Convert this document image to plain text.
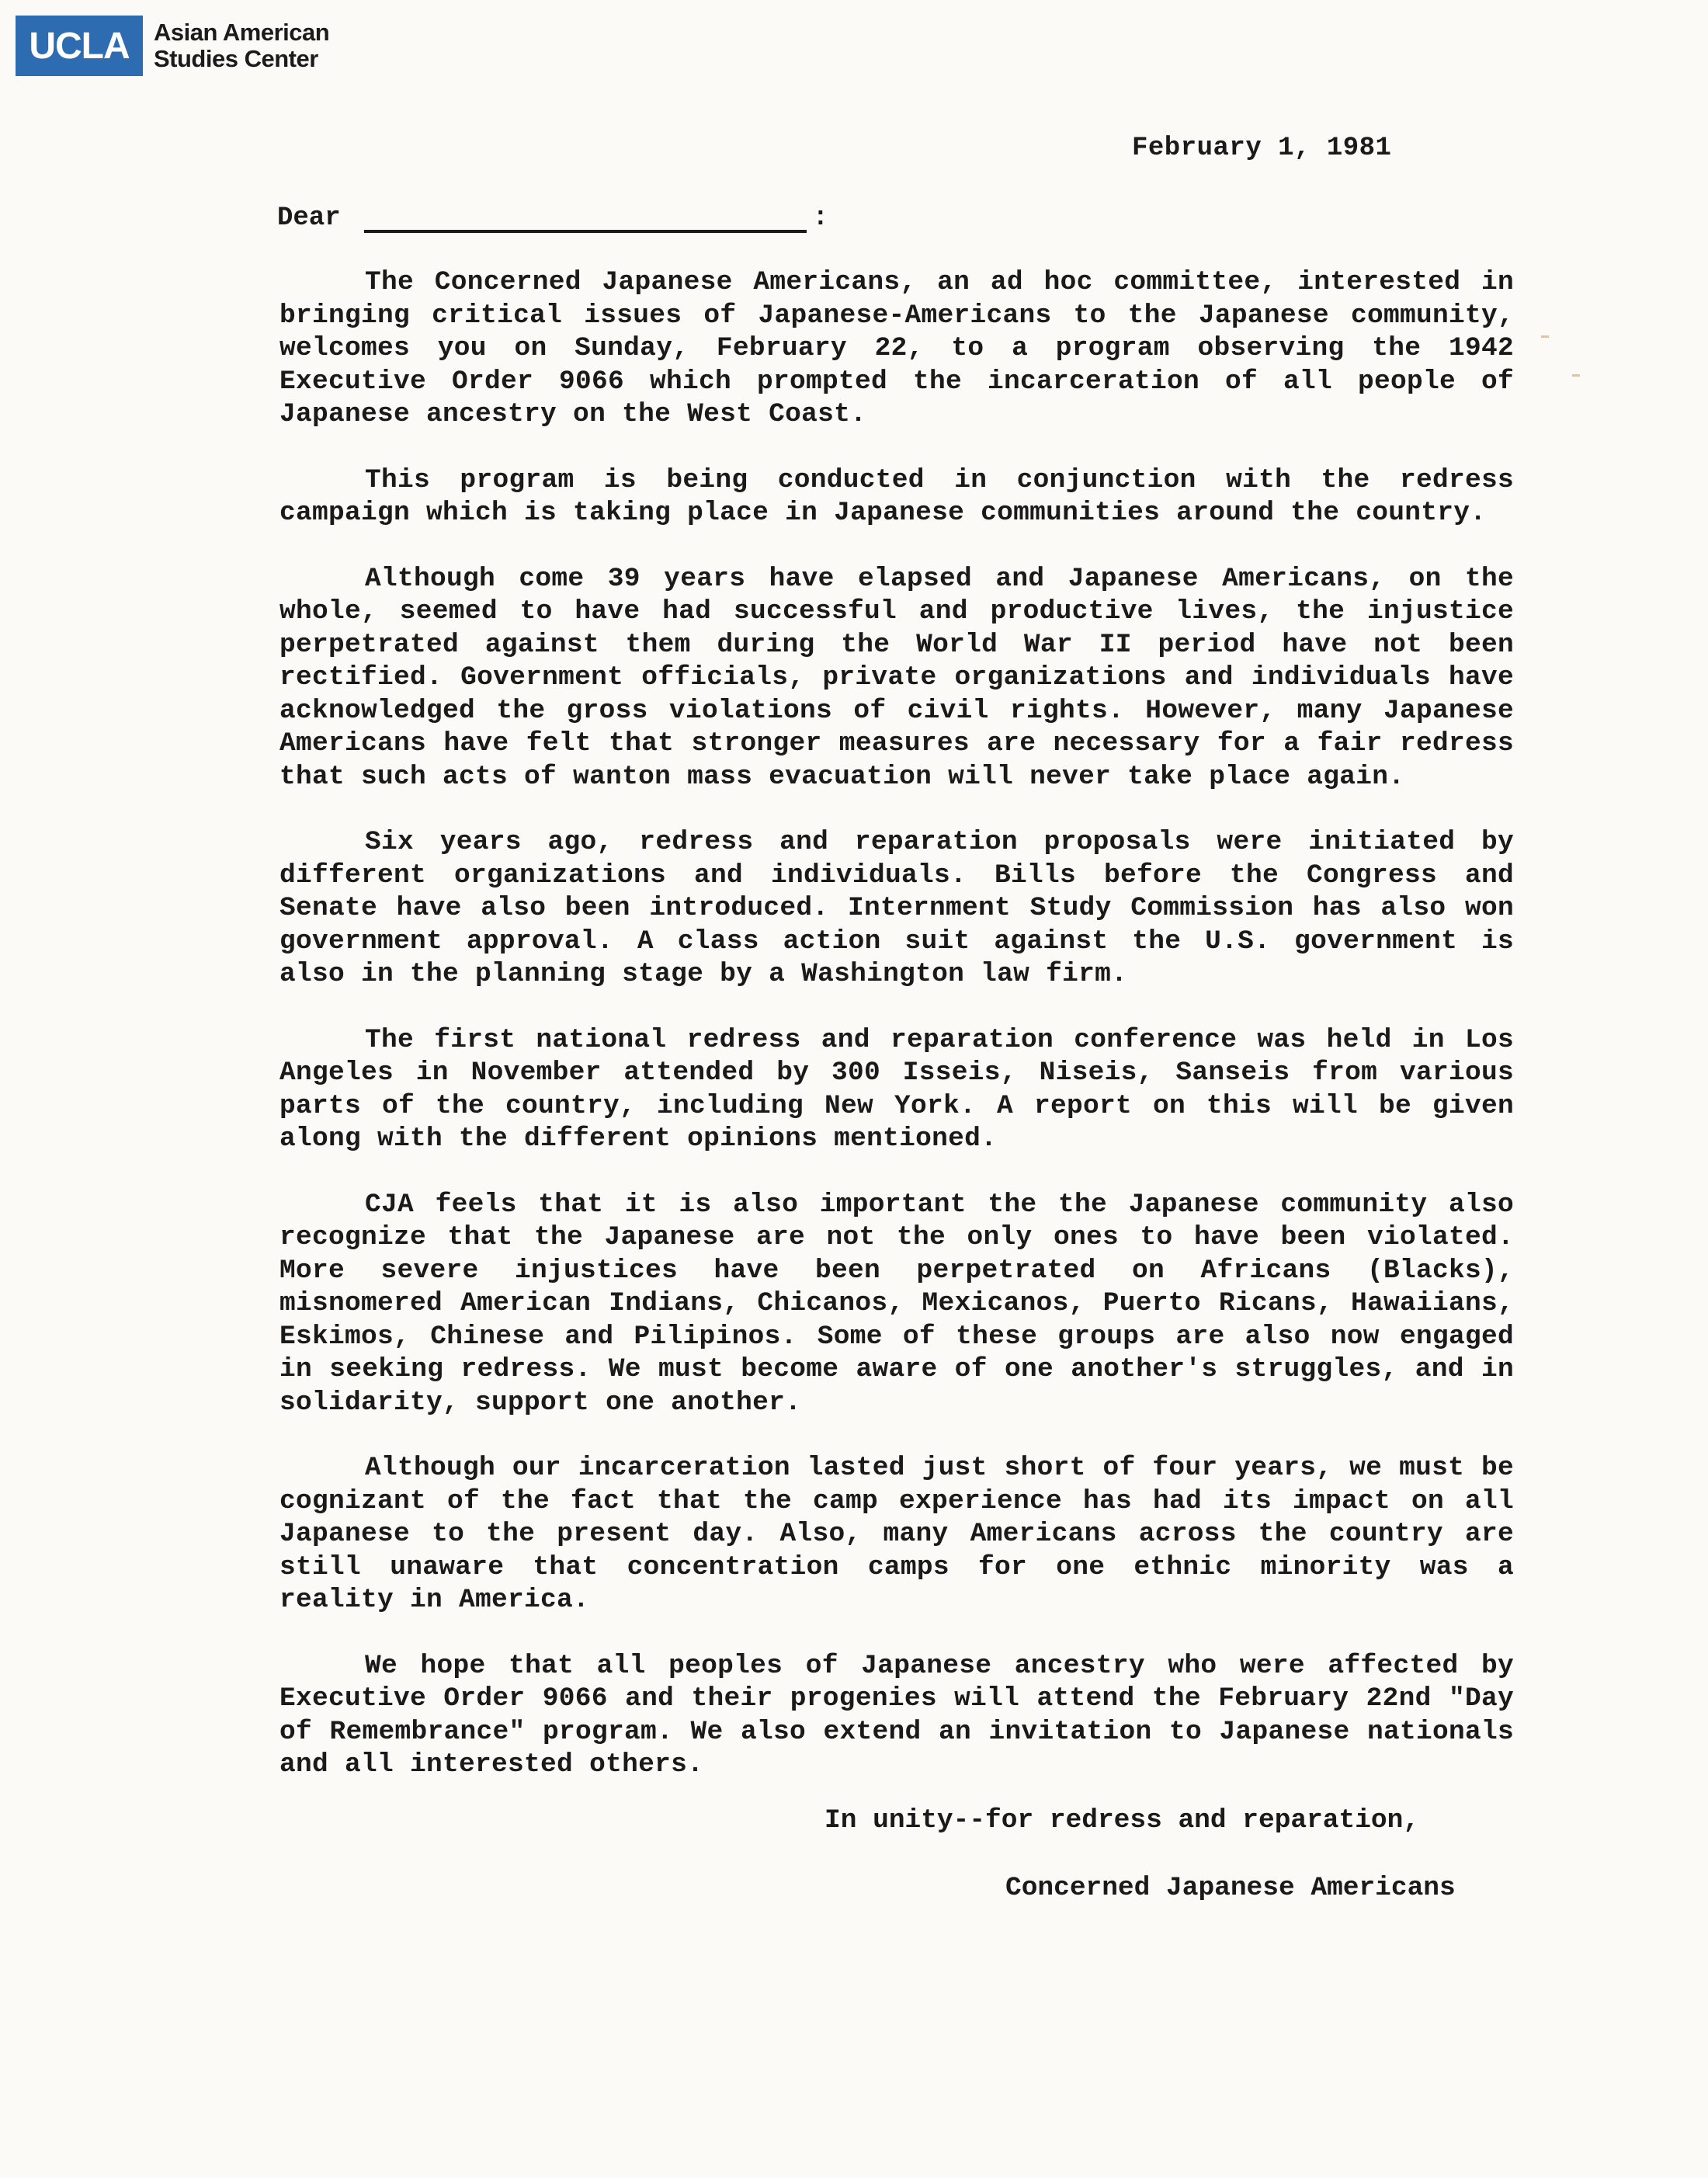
UCLA	Asian American
Studies Center
February 1, 1981
Dear	:

The Concerned Japanese Americans, an ad hoc committee, interested in bringing critical issues of Japanese-Americans to the Japanese community, welcomes you on Sunday, February 22, to a program observing the 1942 Executive Order 9066 which prompted the incarceration of all people of Japanese ancestry on the West Coast.

This program is being conducted in conjunction with the redress campaign which is taking place in Japanese communities around the country.

Although come 39 years have elapsed and Japanese Americans, on the whole, seemed to have had successful and productive lives, the injustice perpetrated against them during the World War II period have not been rectified. Government officials, private organizations and individuals have acknowledged the gross violations of civil rights. However, many Japanese Americans have felt that stronger measures are necessary for a fair redress that such acts of wanton mass evacuation will never take place again.

Six years ago, redress and reparation proposals were initiated by different organizations and individuals. Bills before the Congress and Senate have also been introduced. Internment Study Commission has also won government approval. A class action suit against the U.S. government is also in the planning stage by a Washington law firm.

The first national redress and reparation conference was held in Los Angeles in November attended by 300 Isseis, Niseis, Sanseis from various parts of the country, including New York. A report on this will be given along with the different opinions mentioned.

CJA feels that it is also important the the Japanese community also recognize that the Japanese are not the only ones to have been violated. More severe injustices have been perpetrated on Africans (Blacks), misnomered American Indians, Chicanos, Mexicanos, Puerto Ricans, Hawaiians, Eskimos, Chinese and Pilipinos. Some of these groups are also now engaged in seeking redress. We must become aware of one another's struggles, and in solidarity, support one another.

Although our incarceration lasted just short of four years, we must be cognizant of the fact that the camp experience has had its impact on all Japanese to the present day. Also, many Americans across the country are still unaware that concentration camps for one ethnic minority was a reality in America.

We hope that all peoples of Japanese ancestry who were affected by Executive Order 9066 and their progenies will attend the February 22nd "Day of Remembrance" program. We also extend an invitation to Japanese nationals and all interested others.

In unity--for redress and reparation,
Concerned Japanese Americans
